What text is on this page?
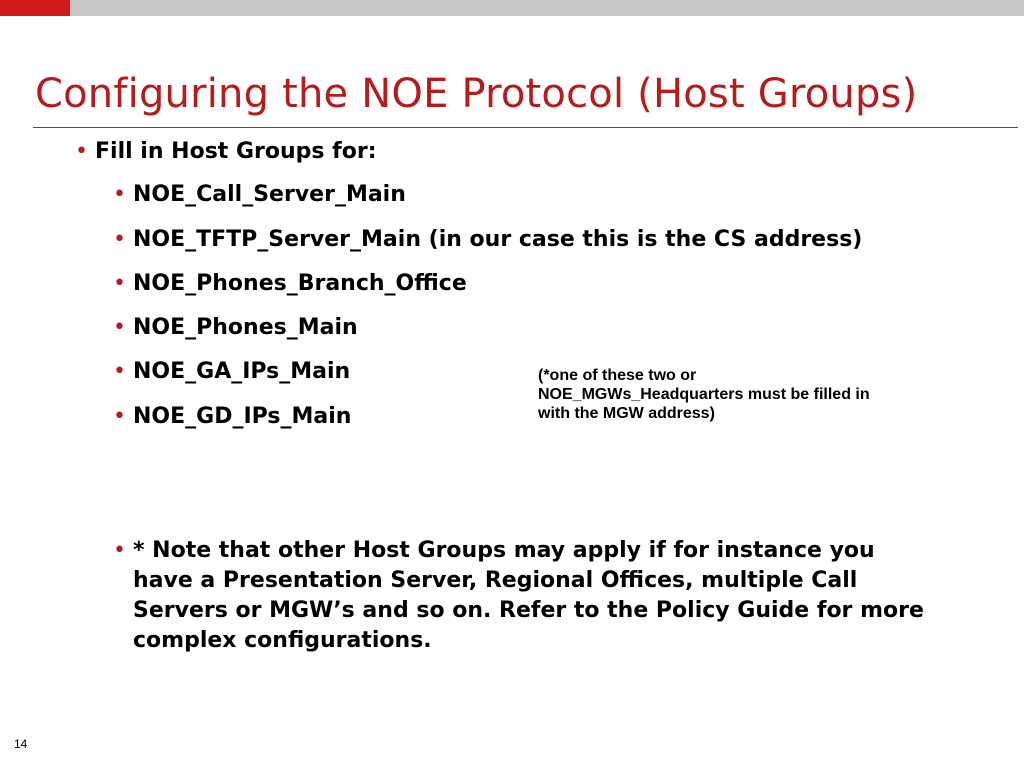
Configuring the NOE Protocol (Host Groups)
• Fill in Host Groups for:
• NOE_Call_Server_Main
• NOE_TFTP_Server_Main (in our case this is the CS address)
• NOE_Phones_Branch_Office
• NOE_Phones_Main
• NOE_GA_IPs_Main
• NOE_GD_IPs_Main
(*one of these two or NOE_MGWs_Headquarters must be filled in with the MGW address)
• * Note that other Host Groups may apply if for instance you have a Presentation Server, Regional Offices, multiple Call Servers or MGW’s and so on. Refer to the Policy Guide for more complex configurations.
14
